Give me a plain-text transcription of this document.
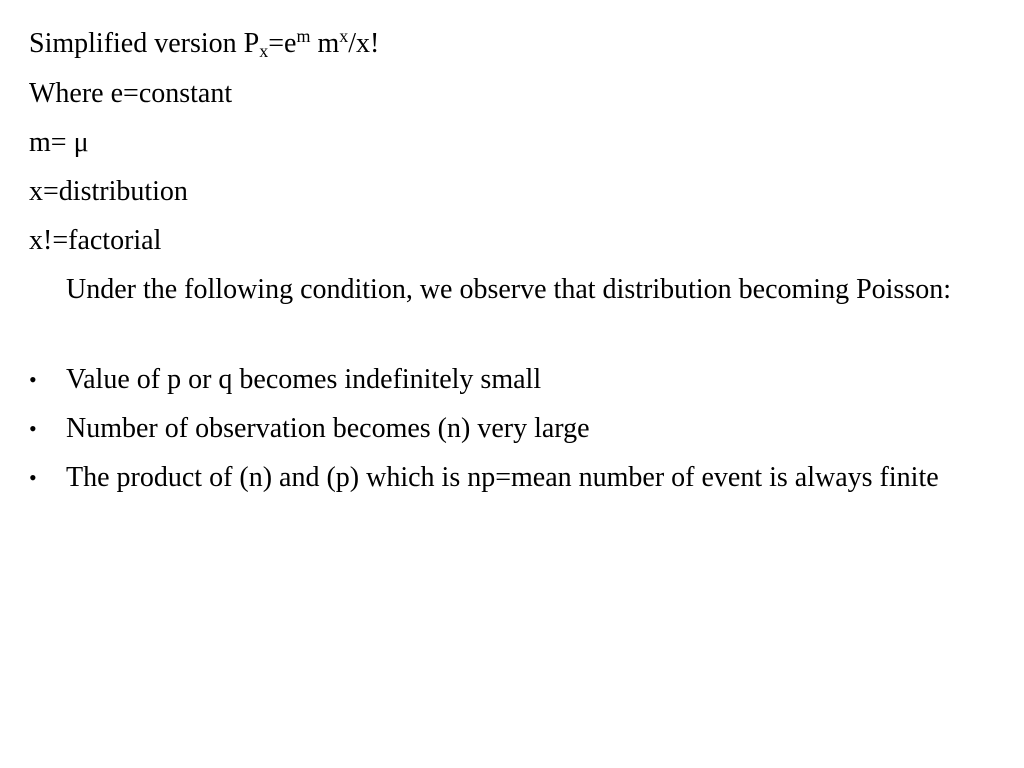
Simplified version $P_x=e^m$ $m^x/x$!
Where e=constant
m= μ
x=distribution
x!=factorial
Under the following condition, we observe that distribution becoming Poisson:
• Value of p or q becomes indefinitely small
• Number of observation becomes (n) very large
• The product of (n) and (p) which is np=mean number of event is always finite
